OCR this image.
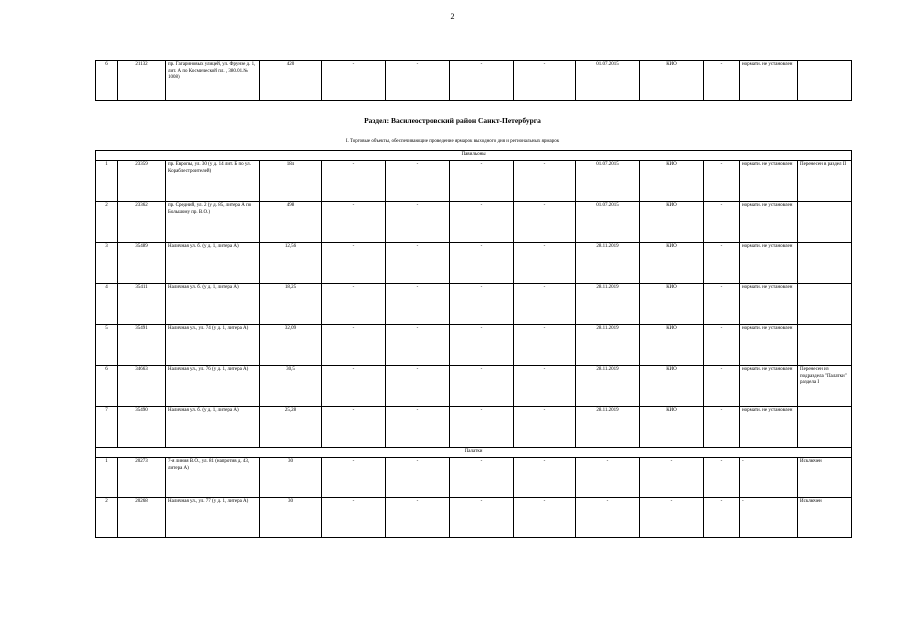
2
6	21132	пр. Гагариновых улицей, ул. Фрунзе д. 1, лит. А по Космической пл. , 380.01.№ 1008)	420	-	-	-	-	01.07.2015	КИО	-	нормати. не установлен	
Раздел: Василеостровский район Санкт-Петербурга
I. Торговые объекты, обеспечивающие проведение ярмарок выходного дня и региональных ярмарок
Павильоны												
1	23359	пр. Европы, ул. 30 (у д. 14 лит. Б по ул. Кораблестроителей)	18л	-	-	-	-	01.07.2015	КИО	-	нормати. не установлен	Перенесен в раздел II
2	23362	пр. Средний, ул. 2 (у д. 85, литера А по Большому пр. В.О.)	498	-	-	-	-	01.07.2015	КИО	-	нормати. не установлен	
3	35489	Наличная ул. б. (у д. 1, литера А)	12,56	-	-	-	-	28.11.2019	КИО	-	нормати. не установлен	
4	35411	Наличная ул. б. (у д. 1, литера А)	18,25	-	-	-	-	28.11.2019	КИО	-	нормати. не установлен	
5	35491	Наличная ул., ул. 74 (у д. 1, литера А)	32,09	-	-	-	-	28.11.2019	КИО	-	нормати. не установлен	
6	34663	Наличная ул., ул. 76 (у д. 1, литера А)	30,5	-	-	-	-	28.11.2019	КИО	-	нормати. не установлен	Перенесен из подраздела "Палатки" раздела I
7	35490	Наличная ул. б. (у д. 1, литера А)	25,28	-	-	-	-	28.11.2019	КИО	-	нормати. не установлен	
Палатки												
1	20273	7-я линия В.О., ул. 81 (напротив д. 43, литера А)	30	-	-	-	-	-	-	-	-	Исключен
2	20268	Наличная ул., ул. 77 (у д. 1, литера А)	30	-	-	-	-	-	-	-	-	Исключен
